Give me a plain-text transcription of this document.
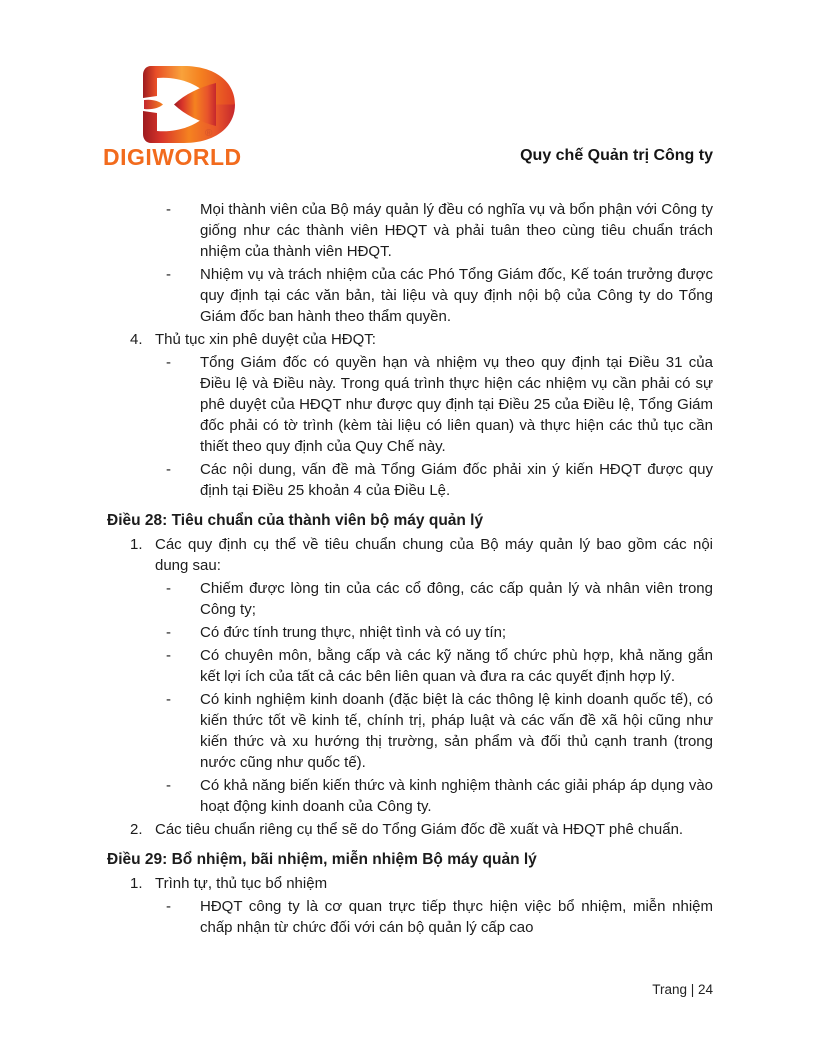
®
DIGIWORLD	Quy chế Quản trị Công ty
-	Mọi thành viên của Bộ máy quản lý đều có nghĩa vụ và bổn phận với Công ty giống như các thành viên HĐQT và phải tuân theo cùng tiêu chuẩn trách nhiệm của thành viên HĐQT.
-	Nhiệm vụ và trách nhiệm của các Phó Tổng Giám đốc, Kế toán trưởng được quy định tại các văn bản, tài liệu và quy định nội bộ của Công ty do Tổng Giám đốc ban hành theo thẩm quyền.
4. Thủ tục xin phê duyệt của HĐQT:
-	Tổng Giám đốc có quyền hạn và nhiệm vụ theo quy định tại Điều 31 của Điều lệ và Điều này. Trong quá trình thực hiện các nhiệm vụ cần phải có sự phê duyệt của HĐQT như được quy định tại Điều 25 của Điều lệ, Tổng Giám đốc phải có tờ trình (kèm tài liệu có liên quan) và thực hiện các thủ tục cần thiết theo quy định của Quy Chế này.
-	Các nội dung, vấn đề mà Tổng Giám đốc phải xin ý kiến HĐQT được quy định tại Điều 25 khoản 4 của Điều Lệ.
Điều 28: Tiêu chuẩn của thành viên bộ máy quản lý
1. Các quy định cụ thể về tiêu chuẩn chung của Bộ máy quản lý bao gồm các nội dung sau:
-	Chiếm được lòng tin của các cổ đông, các cấp quản lý và nhân viên trong Công ty;
-	Có đức tính trung thực, nhiệt tình và có uy tín;
-	Có chuyên môn, bằng cấp và các kỹ năng tổ chức phù hợp, khả năng gắn kết lợi ích của tất cả các bên liên quan và đưa ra các quyết định hợp lý.
-	Có kinh nghiệm kinh doanh (đặc biệt là các thông lệ kinh doanh quốc tế), có kiến thức tốt về kinh tế, chính trị, pháp luật và các vấn đề xã hội cũng như kiến thức và xu hướng thị trường, sản phẩm và đối thủ cạnh tranh (trong nước cũng như quốc tế).
-	Có khả năng biến kiến thức và kinh nghiệm thành các giải pháp áp dụng vào hoạt động kinh doanh của Công ty.
2. Các tiêu chuẩn riêng cụ thể sẽ do Tổng Giám đốc đề xuất và HĐQT phê chuẩn.
Điều 29: Bổ nhiệm, bãi nhiệm, miễn nhiệm Bộ máy quản lý
1. Trình tự, thủ tục bổ nhiệm
-	HĐQT công ty là cơ quan trực tiếp thực hiện việc bổ nhiệm, miễn nhiệm chấp nhận từ chức đối với cán bộ quản lý cấp cao
Trang | 24
